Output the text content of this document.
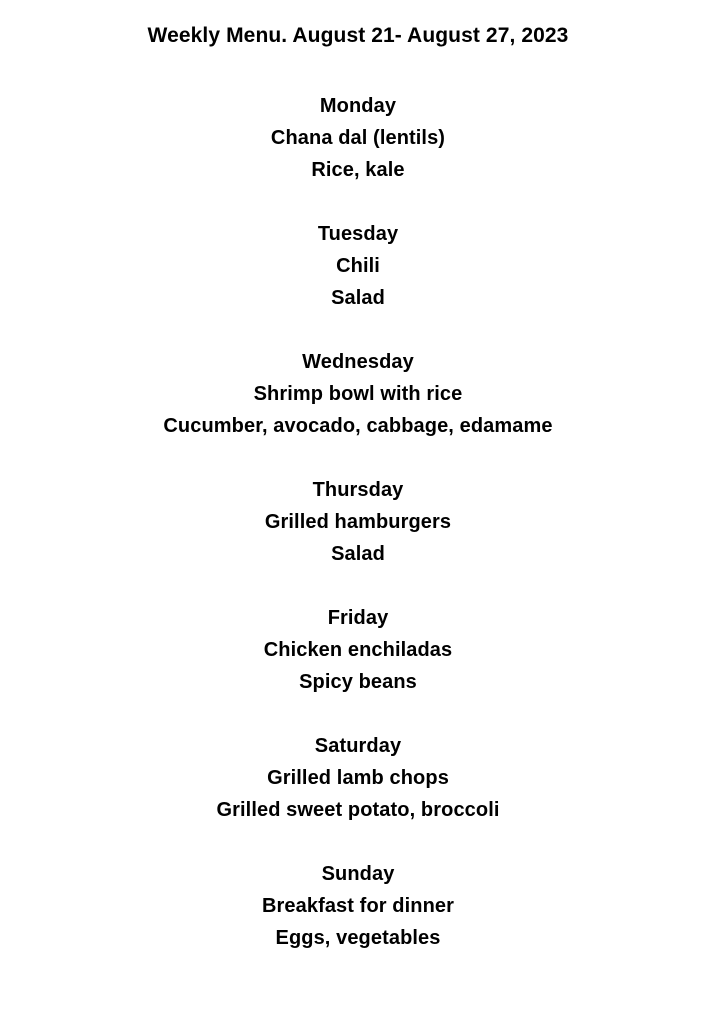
Weekly Menu. August 21- August 27, 2023
Monday
Chana dal (lentils)
Rice, kale
Tuesday
Chili
Salad
Wednesday
Shrimp bowl with rice
Cucumber, avocado, cabbage, edamame
Thursday
Grilled hamburgers
Salad
Friday
Chicken enchiladas
Spicy beans
Saturday
Grilled lamb chops
Grilled sweet potato, broccoli
Sunday
Breakfast for dinner
Eggs, vegetables
